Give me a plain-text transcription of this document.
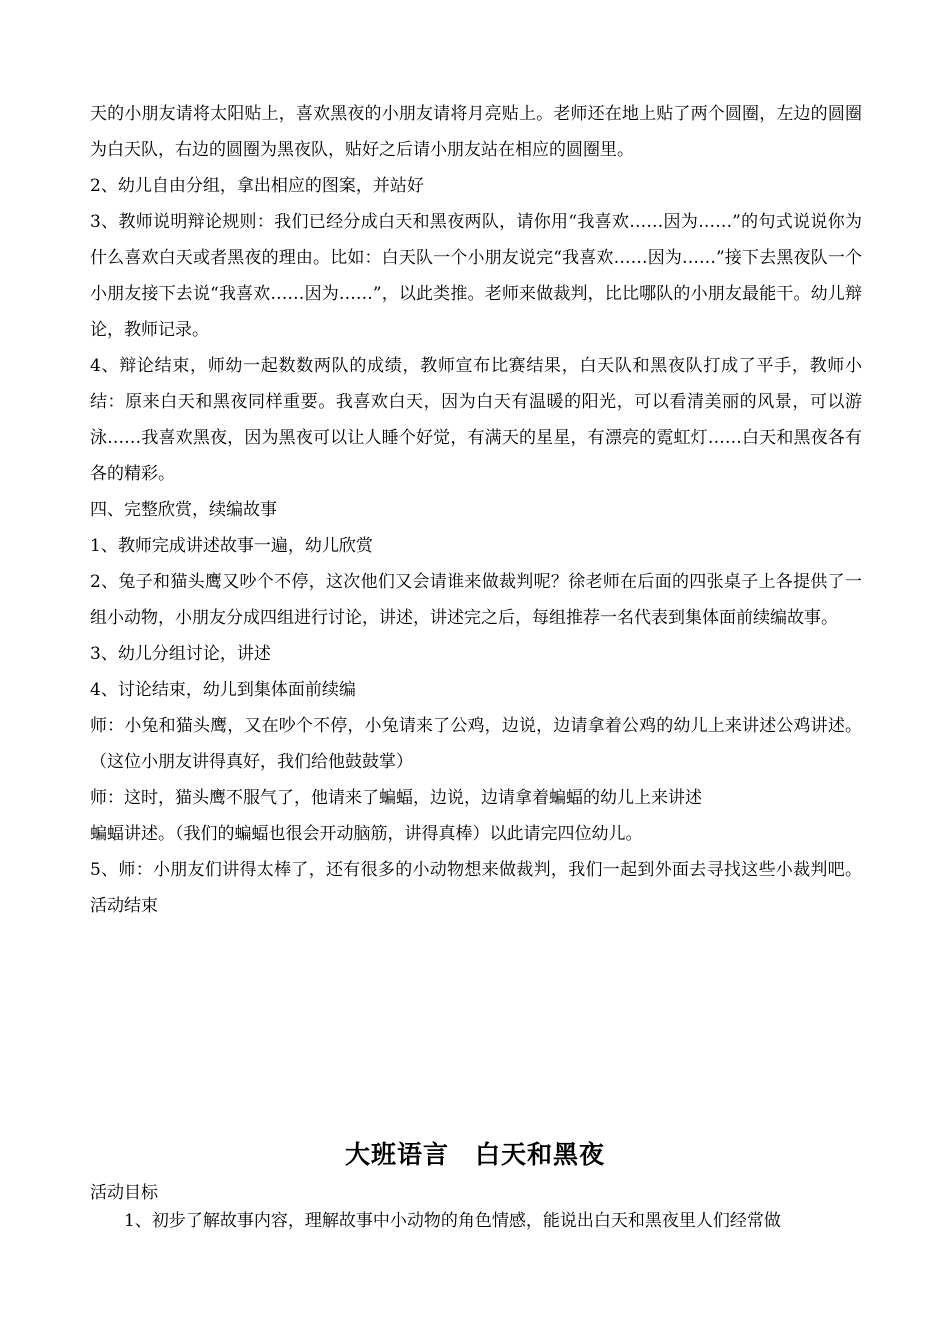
天的小朋友请将太阳贴上，喜欢黑夜的小朋友请将月亮贴上。老师还在地上贴了两个圆圈，左边的圆圈为白天队，右边的圆圈为黑夜队，贴好之后请小朋友站在相应的圆圈里。

2、幼儿自由分组，拿出相应的图案，并站好

3、教师说明辩论规则：我们已经分成白天和黑夜两队，请你用“我喜欢……因为……”的句式说说你为什么喜欢白天或者黑夜的理由。比如：白天队一个小朋友说完“我喜欢……因为……”接下去黑夜队一个小朋友接下去说“我喜欢……因为……”，以此类推。老师来做裁判，比比哪队的小朋友最能干。幼儿辩论，教师记录。

4、辩论结束，师幼一起数数两队的成绩，教师宣布比赛结果，白天队和黑夜队打成了平手，教师小结：原来白天和黑夜同样重要。我喜欢白天，因为白天有温暖的阳光，可以看清美丽的风景，可以游泳……我喜欢黑夜，因为黑夜可以让人睡个好觉，有满天的星星，有漂亮的霓虹灯……白天和黑夜各有各的精彩。

四、完整欣赏，续编故事

1、教师完成讲述故事一遍，幼儿欣赏

2、兔子和猫头鹰又吵个不停，这次他们又会请谁来做裁判呢？徐老师在后面的四张桌子上各提供了一组小动物，小朋友分成四组进行讨论，讲述，讲述完之后，每组推荐一名代表到集体面前续编故事。

3、幼儿分组讨论，讲述

4、讨论结束，幼儿到集体面前续编

师：小兔和猫头鹰，又在吵个不停，小兔请来了公鸡，边说，边请拿着公鸡的幼儿上来讲述公鸡讲述。（这位小朋友讲得真好，我们给他鼓鼓掌）

师：这时，猫头鹰不服气了，他请来了蝙蝠，边说，边请拿着蝙蝠的幼儿上来讲述

蝙蝠讲述。（我们的蝙蝠也很会开动脑筋，讲得真棒）以此请完四位幼儿。

5、师：小朋友们讲得太棒了，还有很多的小动物想来做裁判，我们一起到外面去寻找这些小裁判吧。活动结束

大班语言　白天和黑夜
活动目标
1、初步了解故事内容，理解故事中小动物的角色情感，能说出白天和黑夜里人们经常做
